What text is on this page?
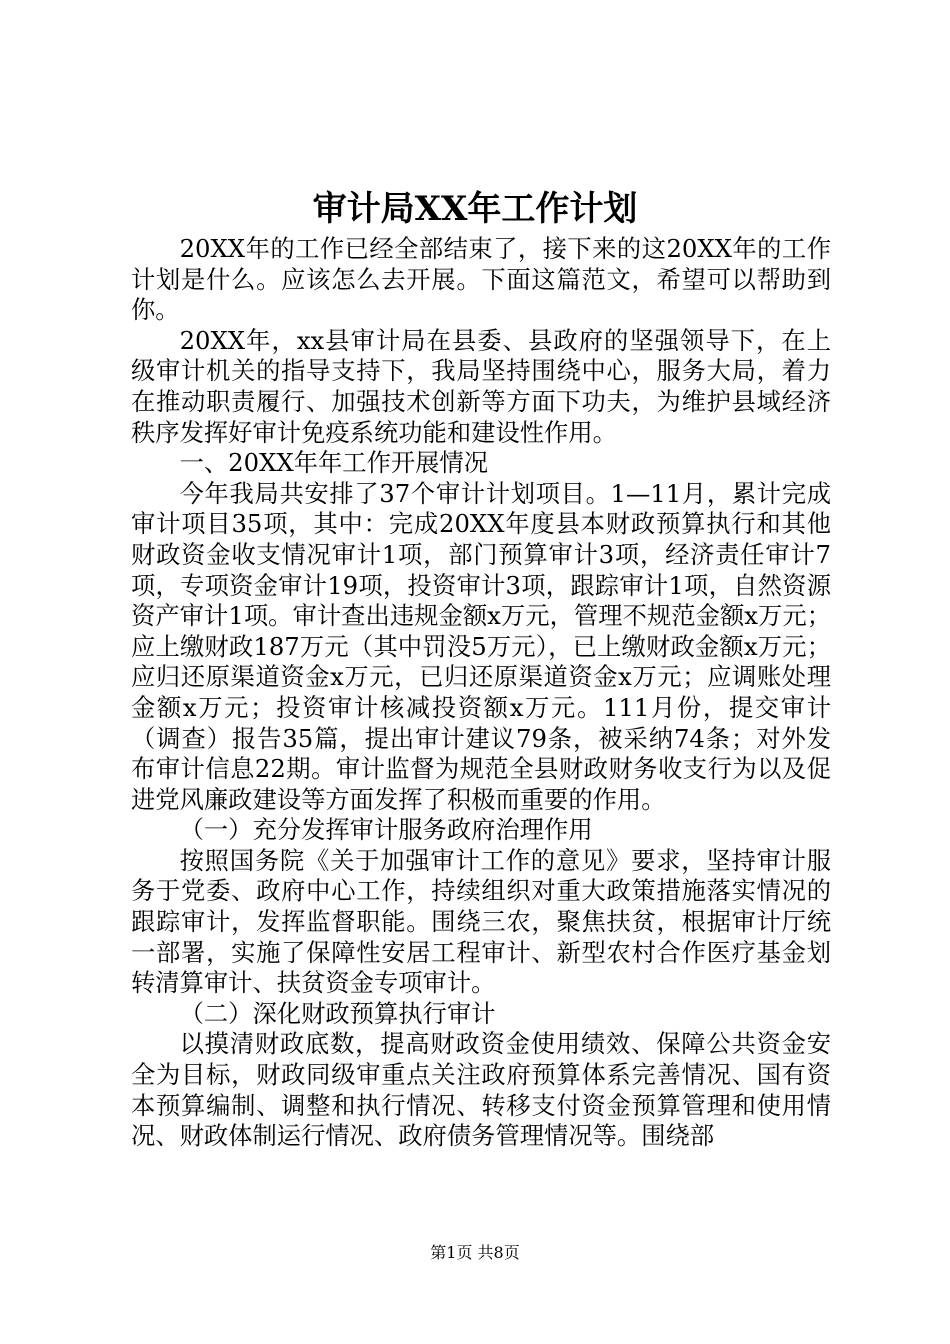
审计局XX年工作计划

20XX年的工作已经全部结束了，接下来的这20XX年的工作计划是什么。应该怎么去开展。下面这篇范文，希望可以帮助到你。

20XX年，xx县审计局在县委、县政府的坚强领导下，在上级审计机关的指导支持下，我局坚持围绕中心，服务大局，着力在推动职责履行、加强技术创新等方面下功夫，为维护县域经济秩序发挥好审计免疫系统功能和建设性作用。

一、20XX年年工作开展情况

今年我局共安排了37个审计计划项目。1—11月，累计完成审计项目35项，其中：完成20XX年度县本财政预算执行和其他财政资金收支情况审计1项，部门预算审计3项，经济责任审计7项，专项资金审计19项，投资审计3项，跟踪审计1项，自然资源资产审计1项。审计查出违规金额x万元，管理不规范金额x万元；应上缴财政187万元（其中罚没5万元），已上缴财政金额x万元；应归还原渠道资金x万元，已归还原渠道资金x万元；应调账处理金额x万元；投资审计核减投资额x万元。111月份，提交审计（调查）报告35篇，提出审计建议79条，被采纳74条；对外发布审计信息22期。审计监督为规范全县财政财务收支行为以及促进党风廉政建设等方面发挥了积极而重要的作用。

（一）充分发挥审计服务政府治理作用

按照国务院《关于加强审计工作的意见》要求，坚持审计服务于党委、政府中心工作，持续组织对重大政策措施落实情况的跟踪审计，发挥监督职能。围绕三农，聚焦扶贫，根据审计厅统一部署，实施了保障性安居工程审计、新型农村合作医疗基金划转清算审计、扶贫资金专项审计。

（二）深化财政预算执行审计

以摸清财政底数，提高财政资金使用绩效、保障公共资金安全为目标，财政同级审重点关注政府预算体系完善情况、国有资本预算编制、调整和执行情况、转移支付资金预算管理和使用情况、财政体制运行情况、政府债务管理情况等。围绕部

第1页 共8页
